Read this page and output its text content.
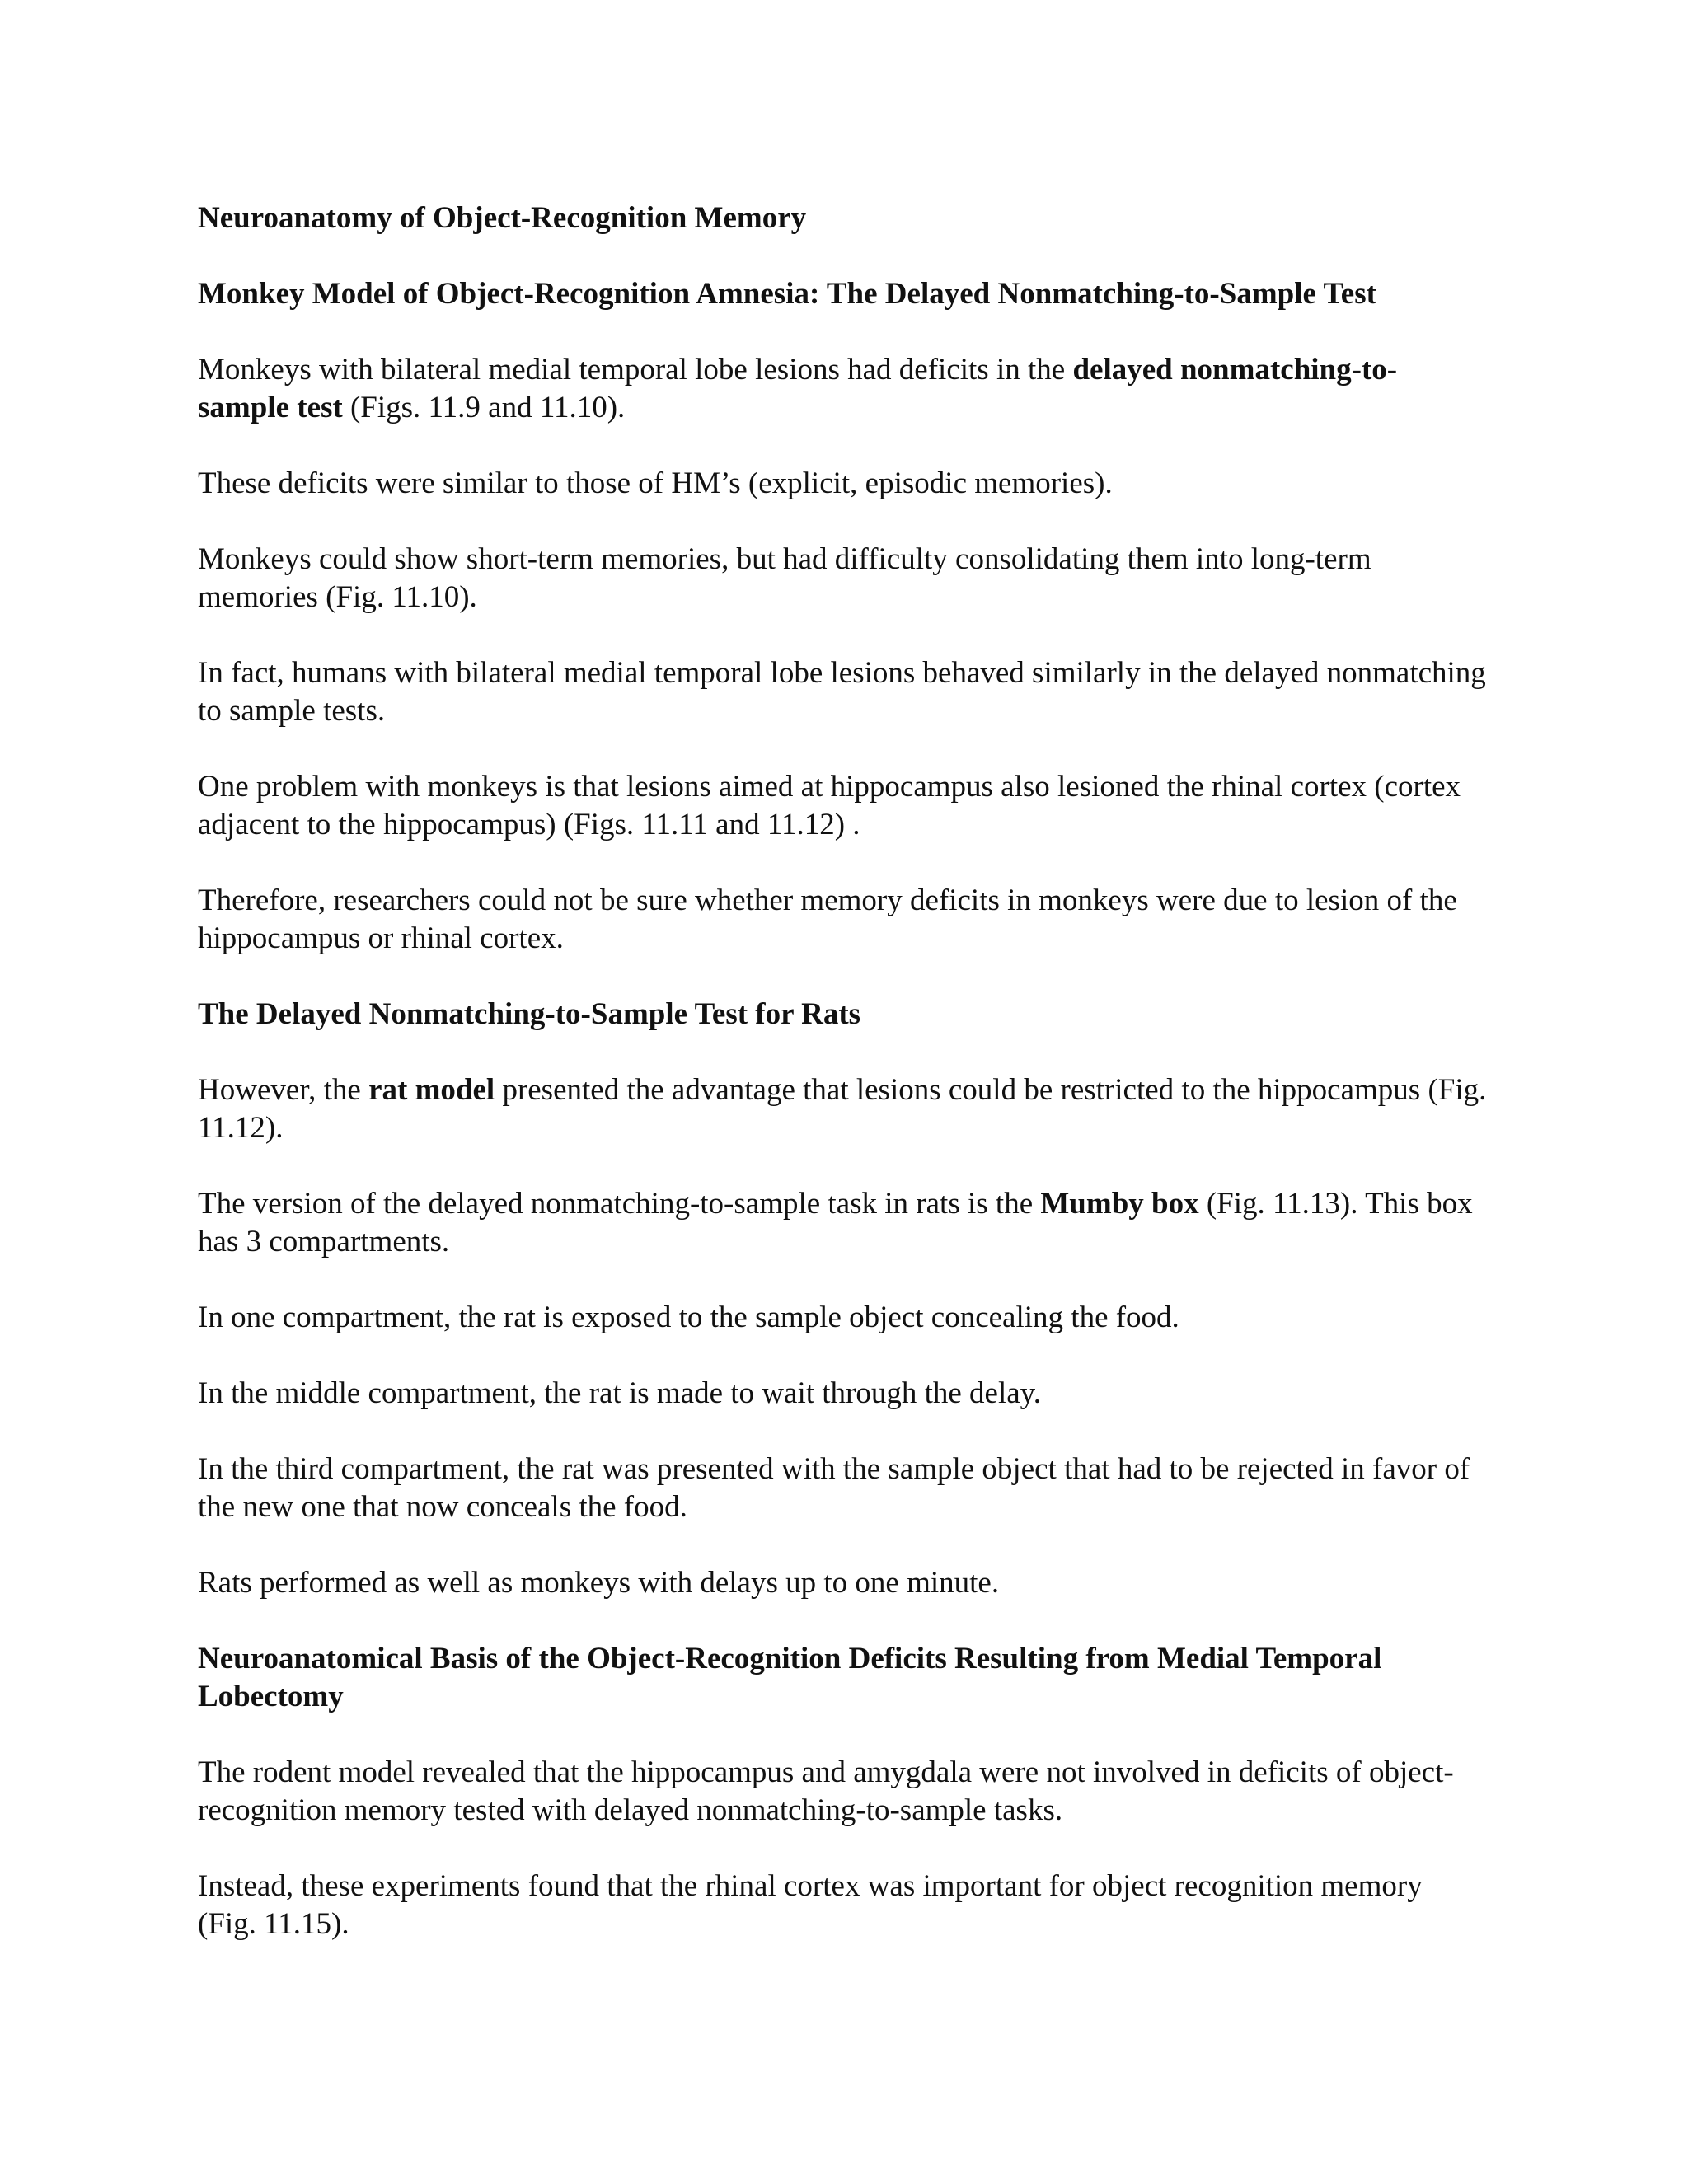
Neuroanatomy of Object-Recognition Memory
Monkey Model of Object-Recognition Amnesia: The Delayed Nonmatching-to-Sample Test
Monkeys with bilateral medial temporal lobe lesions had deficits in the delayed nonmatching-to-sample test (Figs. 11.9 and 11.10).
These deficits were similar to those of HM’s (explicit, episodic memories).
Monkeys could show short-term memories, but had difficulty consolidating them into long-term memories (Fig. 11.10).
In fact, humans with bilateral medial temporal lobe lesions behaved similarly in the delayed nonmatching to sample tests.
One problem with monkeys is that lesions aimed at hippocampus also lesioned the rhinal cortex (cortex adjacent to the hippocampus) (Figs. 11.11 and 11.12) .
Therefore, researchers could not be sure whether memory deficits in monkeys were due to lesion of the hippocampus or rhinal cortex.
The Delayed Nonmatching-to-Sample Test for Rats
However, the rat model presented the advantage that lesions could be restricted to the hippocampus (Fig. 11.12).
The version of the delayed nonmatching-to-sample task in rats is the Mumby box (Fig. 11.13). This box has 3 compartments.
In one compartment, the rat is exposed to the sample object concealing the food.
In the middle compartment, the rat is made to wait through the delay.
In the third compartment, the rat was presented with the sample object that had to be rejected in favor of the new one that now conceals the food.
Rats performed as well as monkeys with delays up to one minute.
Neuroanatomical Basis of the Object-Recognition Deficits Resulting from Medial Temporal Lobectomy
The rodent model revealed that the hippocampus and amygdala were not involved in deficits of object-recognition memory tested with delayed nonmatching-to-sample tasks.
Instead, these experiments found that the rhinal cortex was important for object recognition memory (Fig. 11.15).
